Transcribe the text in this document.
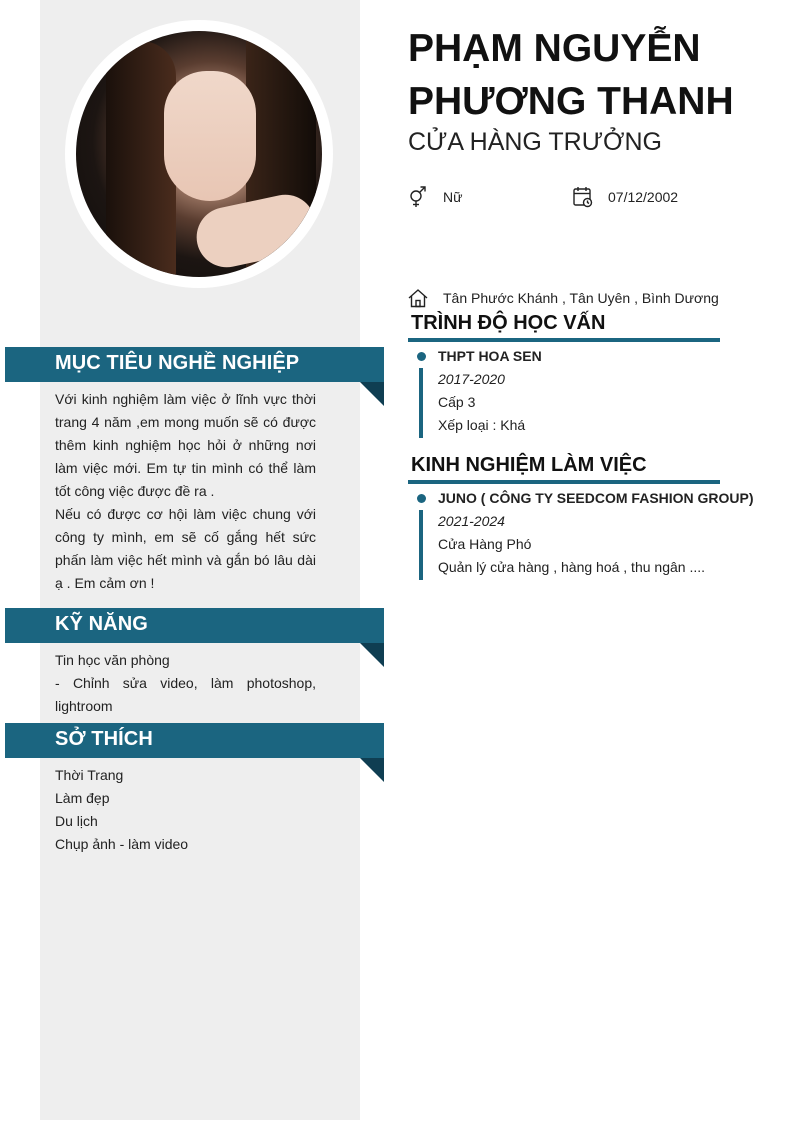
MỤC TIÊU NGHỀ NGHIỆP

Với kinh nghiệm làm việc ở lĩnh vực thời trang 4 năm ,em mong muốn sẽ có được thêm kinh nghiệm học hỏi ở những nơi làm việc mới. Em tự tin mình có thể làm tốt công việc được đề ra .

Nếu có được cơ hội làm việc chung với công ty mình, em sẽ cố gắng hết sức phấn làm việc hết mình và gắn bó lâu dài ạ . Em cảm ơn !

KỸ NĂNG

Tin học văn phòng

- Chỉnh sửa video, làm photoshop, lightroom

SỞ THÍCH

Thời Trang

Làm đẹp

Du lịch

Chụp ảnh - làm video

PHẠM NGUYỄN
PHƯƠNG THANH
CỬA HÀNG TRƯỞNG
Nữ	07/12/2002
Tân Phước Khánh , Tân Uyên , Bình Dương
TRÌNH ĐỘ HỌC VẤN
THPT HOA SEN
2017-2020
Cấp 3
Xếp loại : Khá
KINH NGHIỆM LÀM VIỆC
JUNO ( CÔNG TY SEEDCOM FASHION GROUP)
2021-2024
Cửa Hàng Phó
Quản lý cửa hàng , hàng hoá , thu ngân ....
